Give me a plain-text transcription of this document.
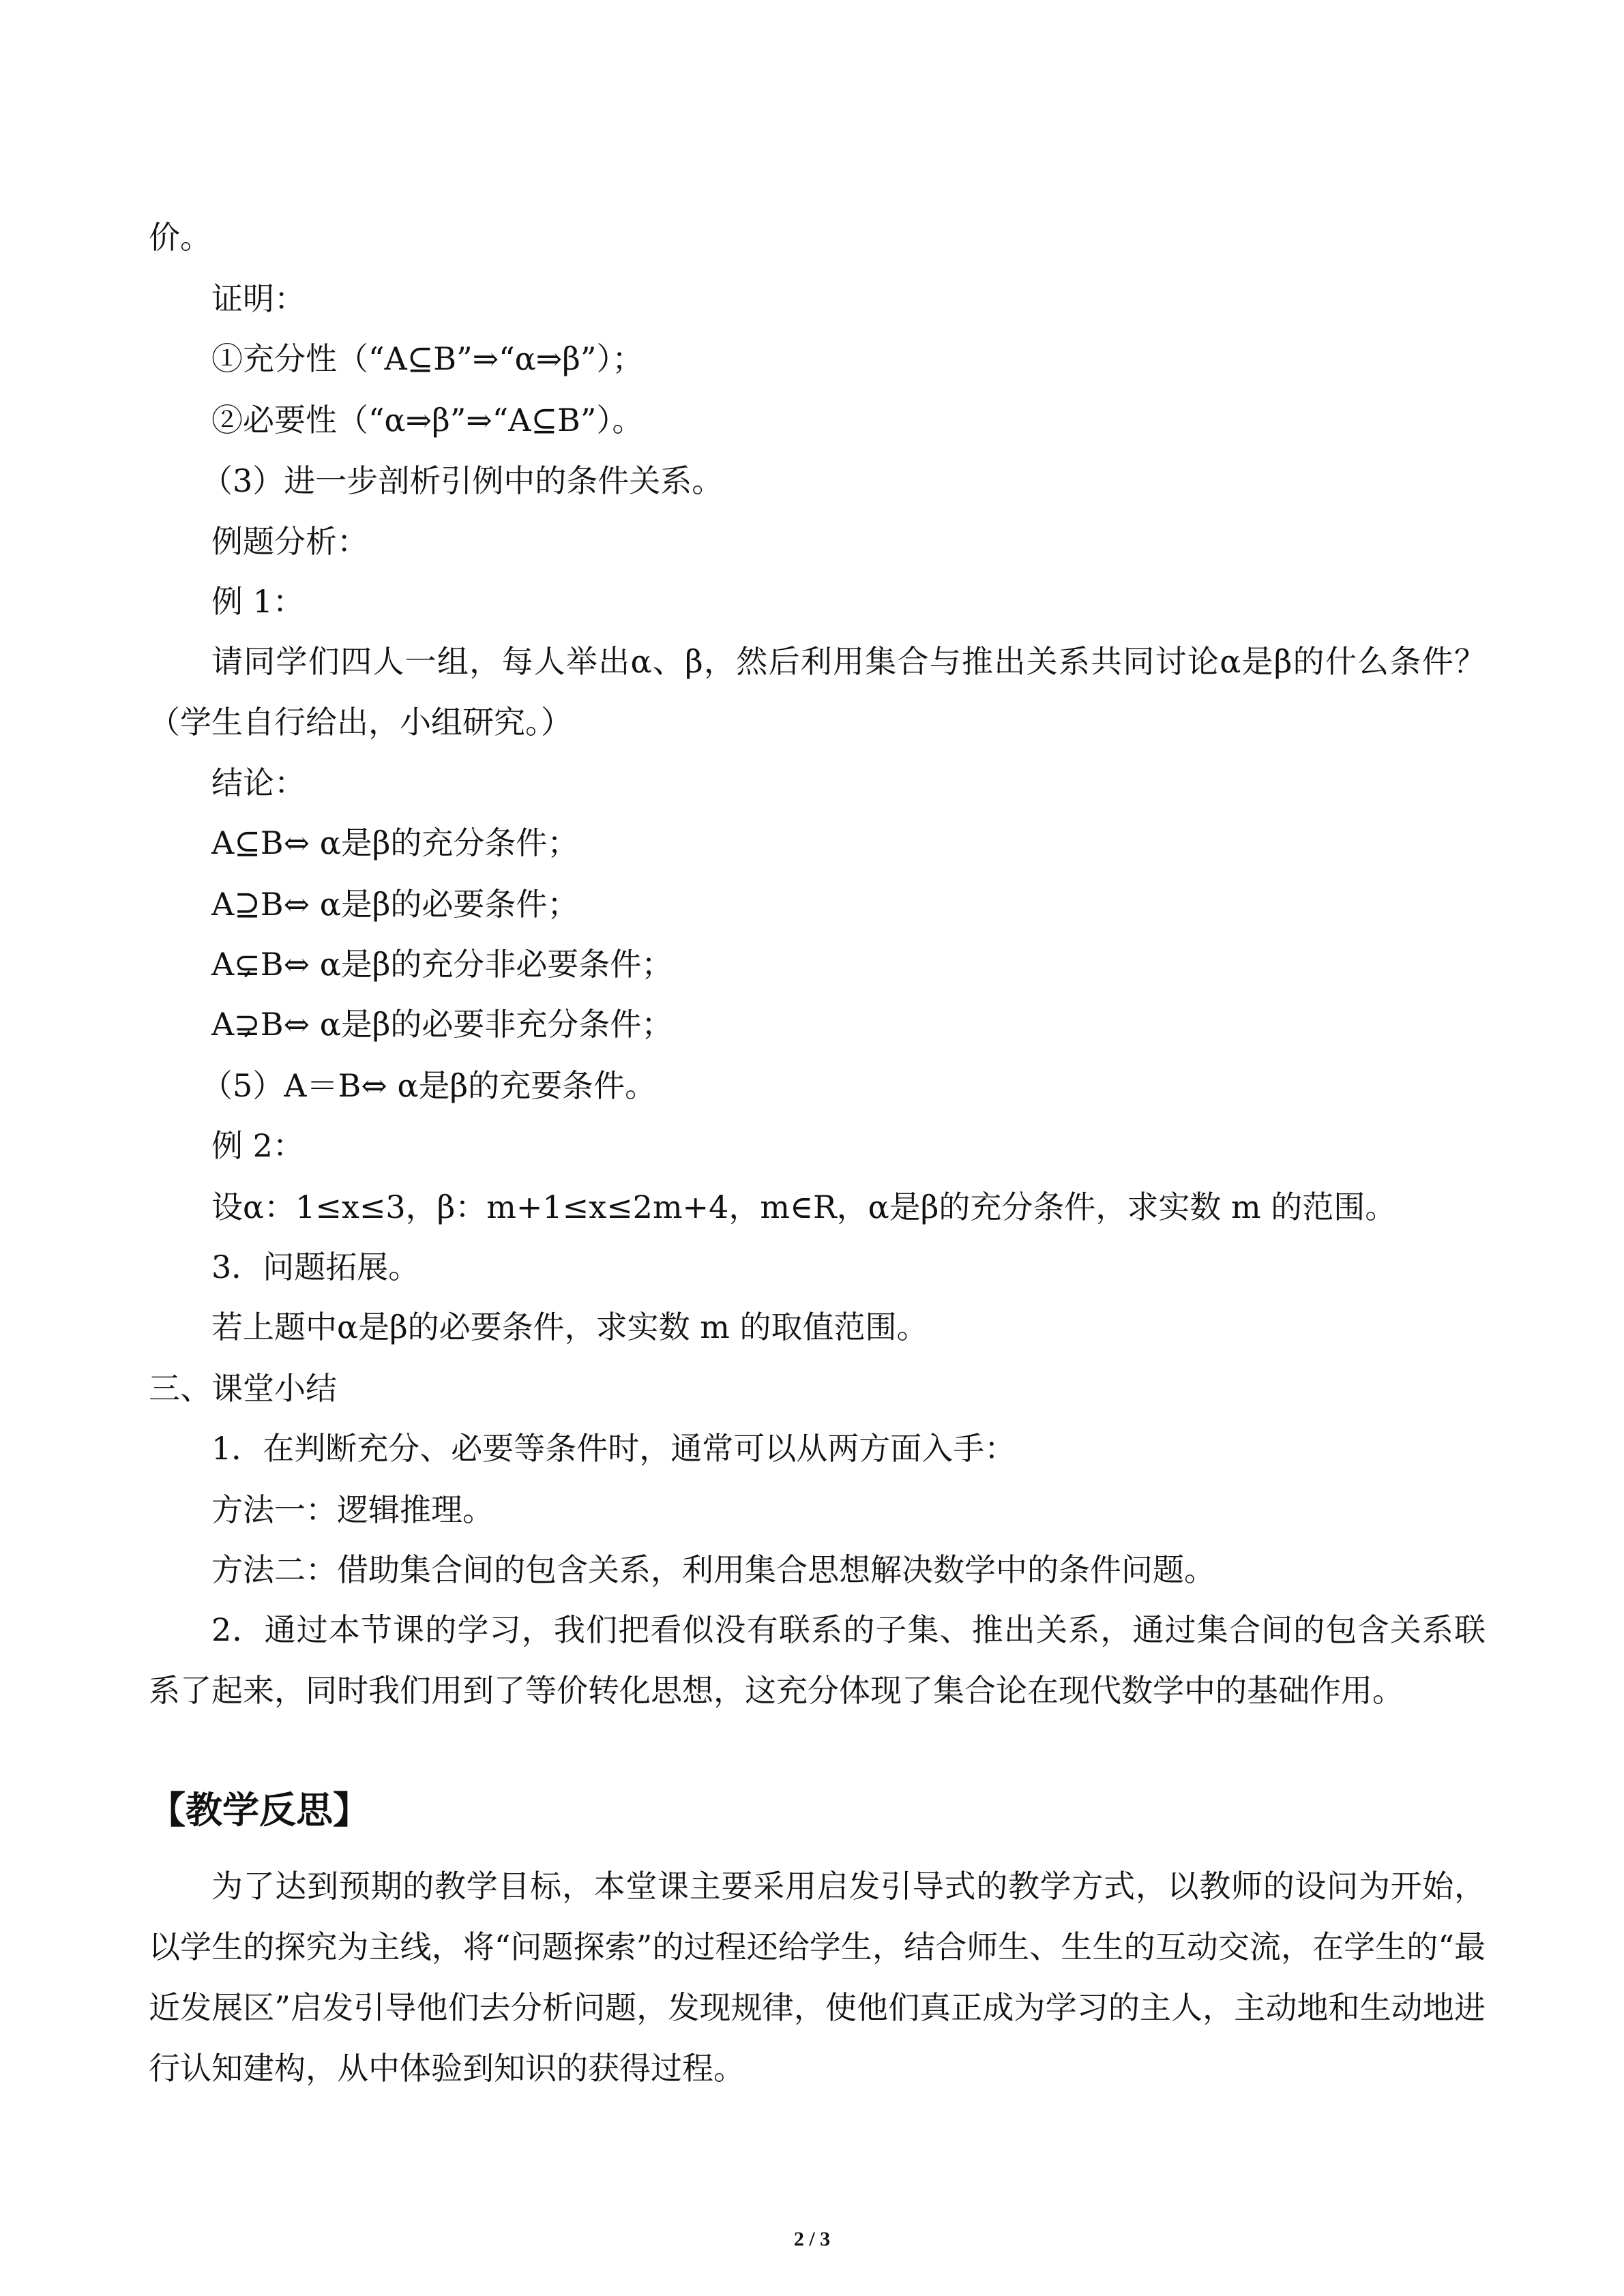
价。
证明：
①充分性（“A⊆B”⇒“α⇒β”）；
②必要性（“α⇒β”⇒“A⊆B”）。
（3）进一步剖析引例中的条件关系。
例题分析：
例 1：
请同学们四人一组，每人举出α、β，然后利用集合与推出关系共同讨论α是β的什么条件？（学生自行给出，小组研究。）
结论：
A⊆B⇔ α是β的充分条件；
A⊇B⇔ α是β的必要条件；
A⊊B⇔ α是β的充分非必要条件；
A⊋B⇔ α是β的必要非充分条件；
（5）A＝B⇔ α是β的充要条件。
例 2：
设α：1≤x≤3，β：m+1≤x≤2m+4，m∈R，α是β的充分条件，求实数 m 的范围。
3．问题拓展。
若上题中α是β的必要条件，求实数 m 的取值范围。
三、课堂小结
1．在判断充分、必要等条件时，通常可以从两方面入手：
方法一：逻辑推理。
方法二：借助集合间的包含关系，利用集合思想解决数学中的条件问题。
2．通过本节课的学习，我们把看似没有联系的子集、推出关系，通过集合间的包含关系联系了起来，同时我们用到了等价转化思想，这充分体现了集合论在现代数学中的基础作用。
【教学反思】
为了达到预期的教学目标，本堂课主要采用启发引导式的教学方式，以教师的设问为开始，以学生的探究为主线，将“问题探索”的过程还给学生，结合师生、生生的互动交流，在学生的“最近发展区”启发引导他们去分析问题，发现规律，使他们真正成为学习的主人，主动地和生动地进行认知建构，从中体验到知识的获得过程。
2 / 3
